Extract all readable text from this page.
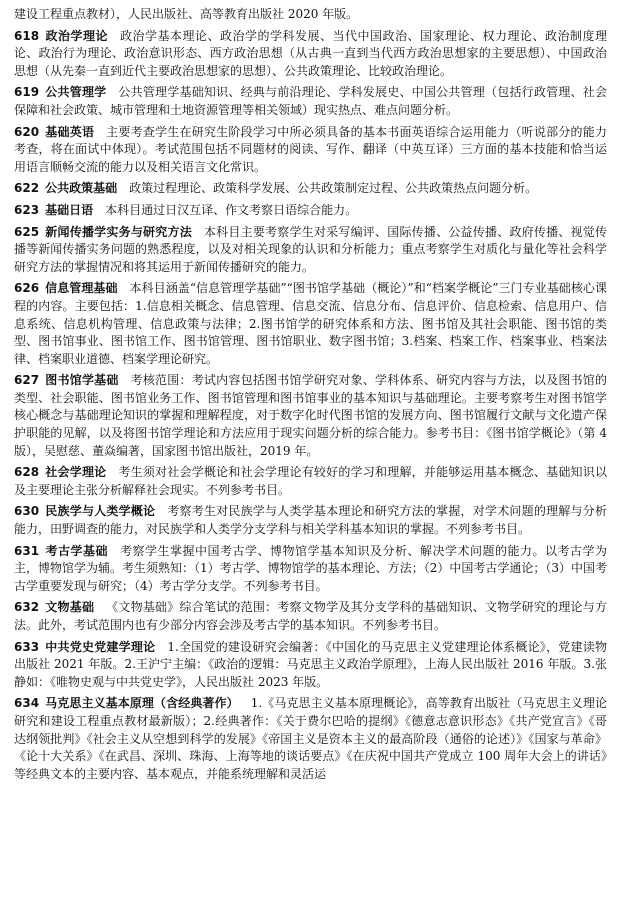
建设工程重点教材），人民出版社、高等教育出版社 2020 年版。

618 政治学理论 政治学基本理论、政治学的学科发展、当代中国政治、国家理论、权力理论、政治制度理论、政治行为理论、政治意识形态、西方政治思想（从古典一直到当代西方政治思想家的主要思想）、中国政治思想（从先秦一直到近代主要政治思想家的思想）、公共政策理论、比较政治理论。

619 公共管理学 公共管理学基础知识、经典与前沿理论、学科发展史、中国公共管理（包括行政管理、社会保障和社会政策、城市管理和土地资源管理等相关领域）现实热点、难点问题分析。

620 基础英语 主要考查学生在研究生阶段学习中所必须具备的基本书面英语综合运用能力（听说部分的能力考查，将在面试中体现）。考试范围包括不同题材的阅读、写作、翻译（中英互译）三方面的基本技能和恰当运用语言顺畅交流的能力以及相关语言文化常识。

622 公共政策基础 政策过程理论、政策科学发展、公共政策制定过程、公共政策热点问题分析。

623 基础日语 本科目通过日汉互译、作文考察日语综合能力。

625 新闻传播学实务与研究方法 本科目主要考察学生对采写编评、国际传播、公益传播、政府传播、视觉传播等新闻传播实务问题的熟悉程度，以及对相关现象的认识和分析能力；重点考察学生对质化与量化等社会科学研究方法的掌握情况和将其运用于新闻传播研究的能力。

626 信息管理基础 本科目涵盖“信息管理学基础”“图书馆学基础（概论）”和“档案学概论”三门专业基础核心课程的内容。主要包括：1.信息相关概念、信息管理、信息交流、信息分布、信息评价、信息检索、信息用户、信息系统、信息机构管理、信息政策与法律；2.图书馆学的研究体系和方法、图书馆及其社会职能、图书馆的类型、图书馆事业、图书馆工作、图书馆管理、图书馆职业、数字图书馆；3.档案、档案工作、档案事业、档案法律、档案职业道德、档案学理论研究。

627 图书馆学基础 考核范围：考试内容包括图书馆学研究对象、学科体系、研究内容与方法，以及图书馆的类型、社会职能、图书馆业务工作、图书馆管理和图书馆事业的基本知识与基础理论。主要考察考生对图书馆学核心概念与基础理论知识的掌握和理解程度，对于数字化时代图书馆的发展方向、图书馆履行文献与文化遗产保护职能的见解，以及将图书馆学理论和方法应用于现实问题分析的综合能力。参考书目：《图书馆学概论》（第 4 版），吴慰慈、董焱编著，国家图书馆出版社，2019 年。

628 社会学理论 考生须对社会学概论和社会学理论有较好的学习和理解，并能够运用基本概念、基础知识以及主要理论主张分析解释社会现实。不列参考书目。

630 民族学与人类学概论 考察考生对民族学与人类学基本理论和研究方法的掌握，对学术问题的理解与分析能力，田野调查的能力，对民族学和人类学分支学科与相关学科基本知识的掌握。不列参考书目。

631 考古学基础 考察学生掌握中国考古学、博物馆学基本知识及分析、解决学术问题的能力。以考古学为主，博物馆学为辅。考生须熟知：（1）考古学、博物馆学的基本理论、方法；（2）中国考古学通论；（3）中国考古学重要发现与研究；（4）考古学分支学。不列参考书目。

632 文物基础 《文物基础》综合笔试的范围：考察文物学及其分支学科的基础知识、文物学研究的理论与方法。此外，考试范围内也有少部分内容会涉及考古学的基本知识。不列参考书目。

633 中共党史党建学理论 1.全国党的建设研究会编著：《中国化的马克思主义党建理论体系概论》，党建读物出版社 2021 年版。2.王沪宁主编：《政治的逻辑：马克思主义政治学原理》，上海人民出版社 2016 年版。3.张静如：《唯物史观与中共党史学》，人民出版社 2023 年版。

634 马克思主义基本原理（含经典著作） 1.《马克思主义基本原理概论》，高等教育出版社（马克思主义理论研究和建设工程重点教材最新版）；2.经典著作：《关于费尔巴哈的提纲》《德意志意识形态》《共产党宣言》《哥达纲领批判》《社会主义从空想到科学的发展》《帝国主义是资本主义的最高阶段（通俗的论述）》《国家与革命》《论十大关系》《在武昌、深圳、珠海、上海等地的谈话要点》《在庆祝中国共产党成立 100 周年大会上的讲话》等经典文本的主要内容、基本观点，并能系统理解和灵活运
